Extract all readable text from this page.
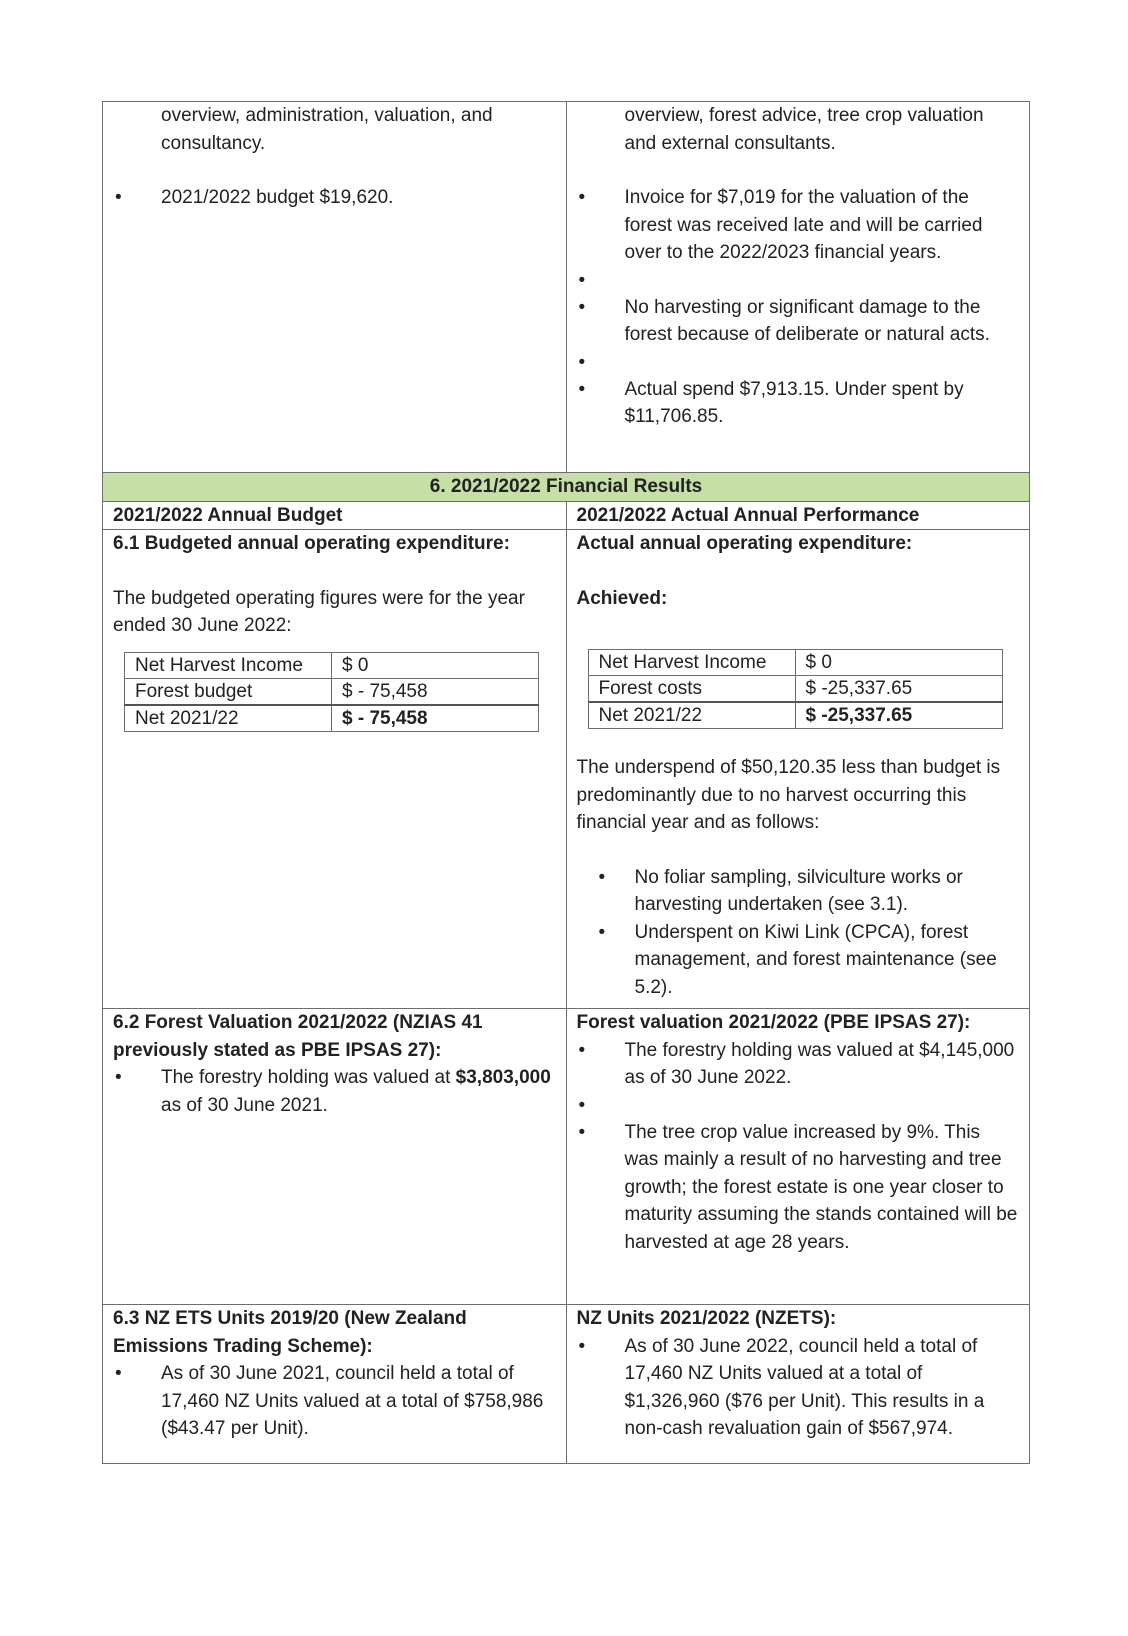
overview, administration, valuation, and consultancy.
• 2021/2022 budget $19,620.

overview, forest advice, tree crop valuation and external consultants.
• Invoice for $7,019 for the valuation of the forest was received late and will be carried over to the 2022/2023 financial years.
•
• No harvesting or significant damage to the forest because of deliberate or natural acts.
•
• Actual spend $7,913.15. Under spent by $11,706.85.

6. 2021/2022 Financial Results
2021/2022 Annual Budget	2021/2022 Actual Annual Performance

6.1 Budgeted annual operating expenditure:
The budgeted operating figures were for the year ended 30 June 2022:
Net Harvest Income	$ 0
Forest budget	$ - 75,458
Net 2021/22	$ - 75,458

Actual annual operating expenditure:
Achieved:
Net Harvest Income	$ 0
Forest costs	$ -25,337.65
Net 2021/22	$ -25,337.65
The underspend of $50,120.35 less than budget is predominantly due to no harvest occurring this financial year and as follows:
• No foliar sampling, silviculture works or harvesting undertaken (see 3.1).
• Underspent on Kiwi Link (CPCA), forest management, and forest maintenance (see 5.2).

6.2 Forest Valuation 2021/2022 (NZIAS 41 previously stated as PBE IPSAS 27):
• The forestry holding was valued at $3,803,000 as of 30 June 2021.

Forest valuation 2021/2022 (PBE IPSAS 27):
• The forestry holding was valued at $4,145,000 as of 30 June 2022.
•
• The tree crop value increased by 9%. This was mainly a result of no harvesting and tree growth; the forest estate is one year closer to maturity assuming the stands contained will be harvested at age 28 years.

6.3 NZ ETS Units 2019/20 (New Zealand Emissions Trading Scheme):
• As of 30 June 2021, council held a total of 17,460 NZ Units valued at a total of $758,986 ($43.47 per Unit).

NZ Units 2021/2022 (NZETS):
• As of 30 June 2022, council held a total of 17,460 NZ Units valued at a total of $1,326,960 ($76 per Unit). This results in a non-cash revaluation gain of $567,974.
